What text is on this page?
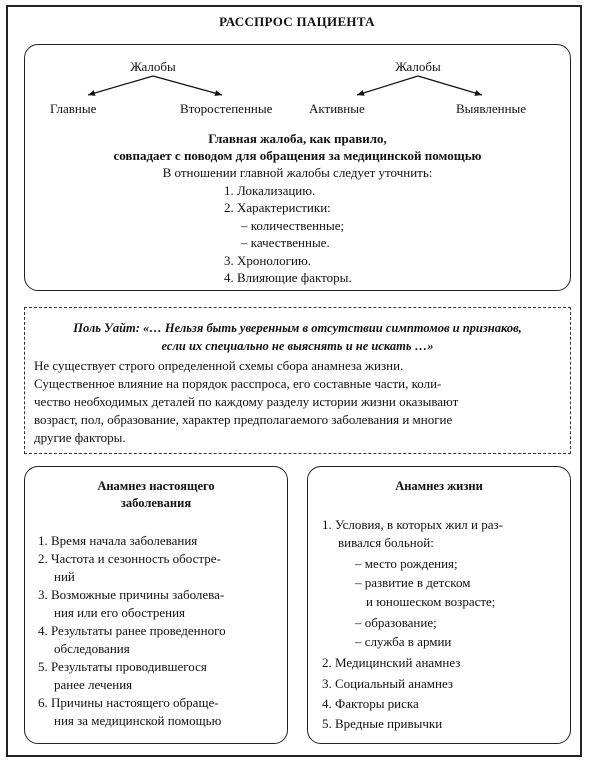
РАССПРОС ПАЦИЕНТА
Жалобы	Жалобы
Главные	Второстепенные	Активные	Выявленные
Главная жалоба, как правило,
совпадает с поводом для обращения за медицинской помощью
В отношении главной жалобы следует уточнить:
1. Локализацию.
2. Характеристики:
– количественные;
– качественные.
3. Хронологию.
4. Влияющие факторы.
Поль Уайт: «… Нельзя быть уверенным в отсутствии симптомов и признаков,
если их специально не выяснять и не искать …»
Не существует строго определенной схемы сбора анамнеза жизни.
Существенное влияние на порядок расспроса, его составные части, коли-
чество необходимых деталей по каждому разделу истории жизни оказывают
возраст, пол, образование, характер предполагаемого заболевания и многие
другие факторы.
Анамнез настоящего
заболевания
1. Время начала заболевания
2. Частота и сезонность обостре-
ний
3. Возможные причины заболева-
ния или его обострения
4. Результаты ранее проведенного
обследования
5. Результаты проводившегося
ранее лечения
6. Причины настоящего обраще-
ния за медицинской помощью
Анамнез жизни
1. Условия, в которых жил и раз-
вивался больной:
– место рождения;
– развитие в детском
и юношеском возрасте;
– образование;
– служба в армии
2. Медицинский анамнез
3. Социальный анамнез
4. Факторы риска
5. Вредные привычки
